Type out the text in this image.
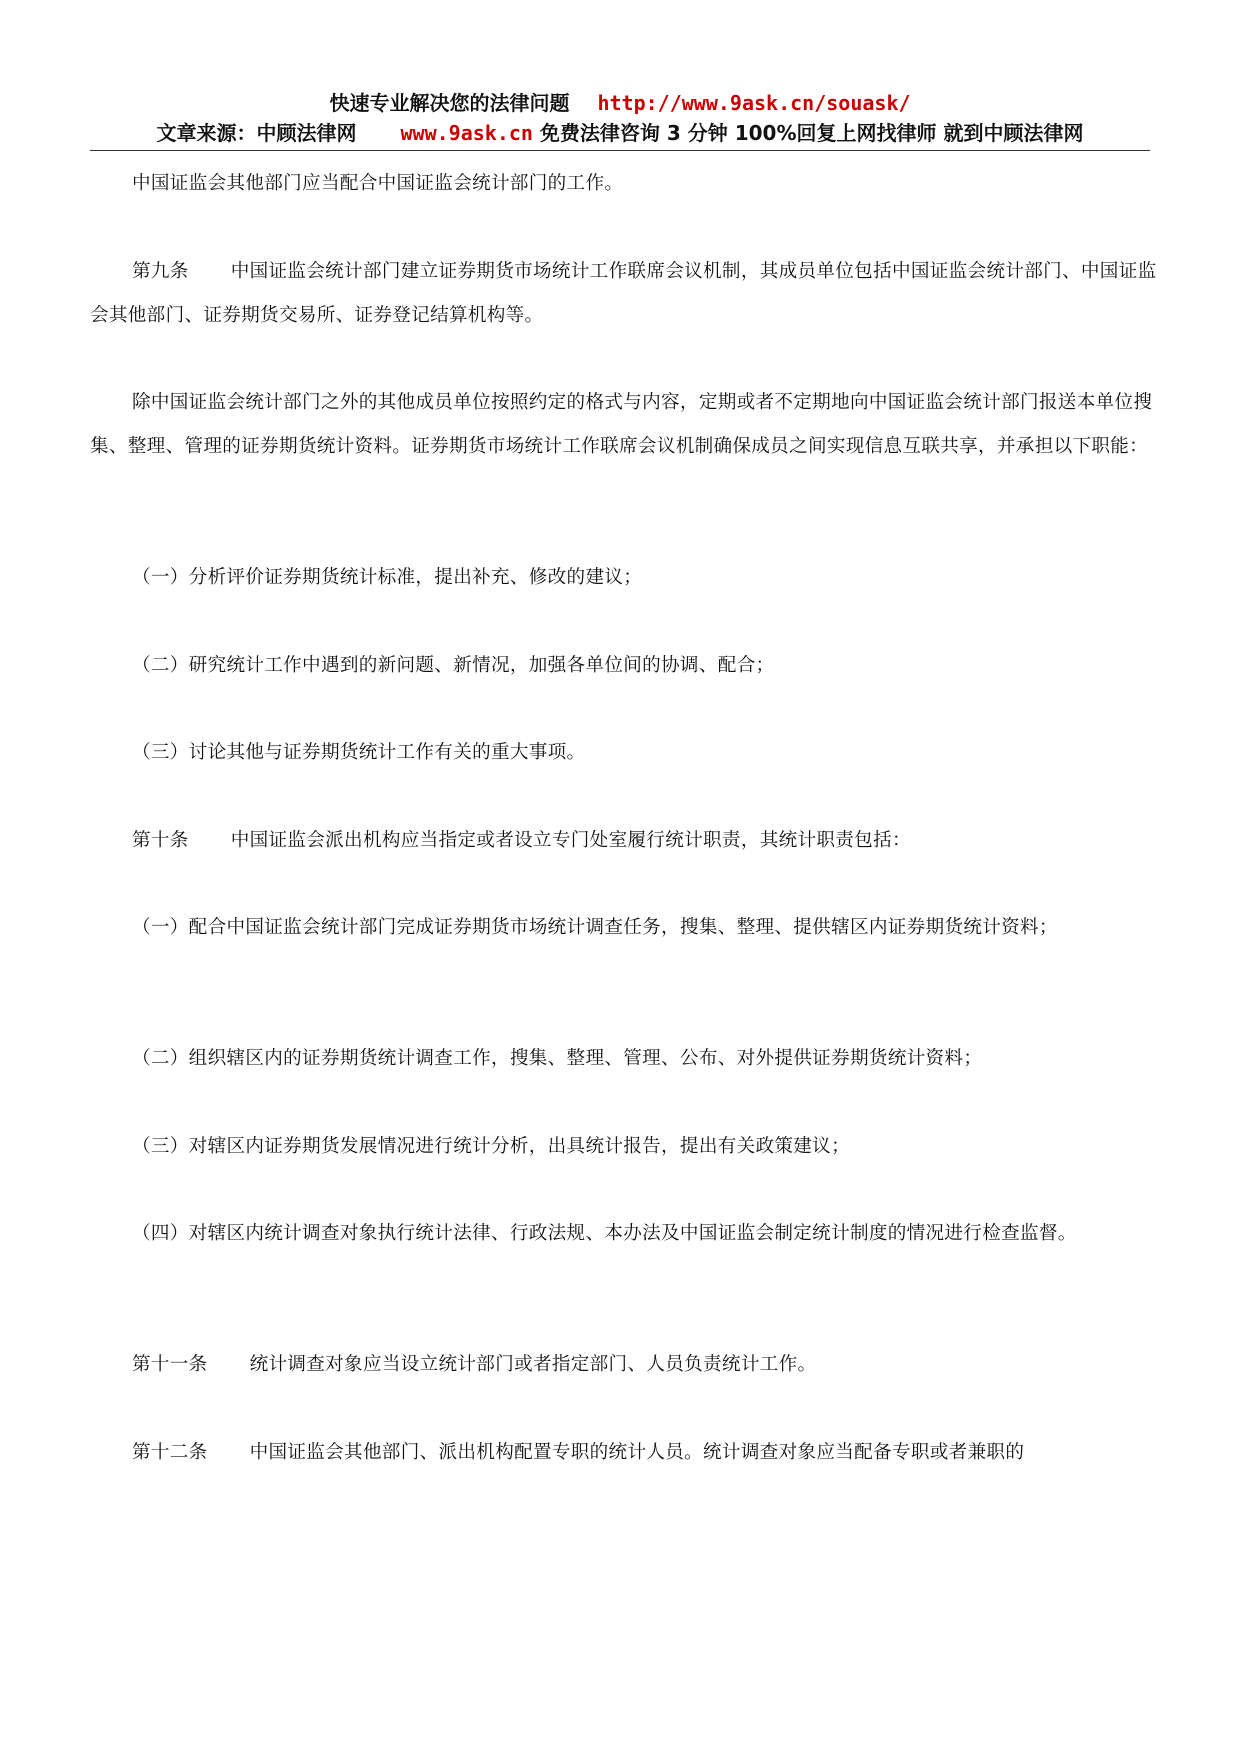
快速专业解决您的法律问题 http://www.9ask.cn/souask/
文章来源：中顾法律网 www.9ask.cn 免费法律咨询 3 分钟 100%回复上网找律师 就到中顾法律网
中国证监会其他部门应当配合中国证监会统计部门的工作。
第九条 中国证监会统计部门建立证券期货市场统计工作联席会议机制，其成员单位包括中国证监会统计部门、中国证监会其他部门、证券期货交易所、证券登记结算机构等。
除中国证监会统计部门之外的其他成员单位按照约定的格式与内容，定期或者不定期地向中国证监会统计部门报送本单位搜集、整理、管理的证券期货统计资料。证券期货市场统计工作联席会议机制确保成员之间实现信息互联共享，并承担以下职能：
（一）分析评价证券期货统计标准，提出补充、修改的建议；
（二）研究统计工作中遇到的新问题、新情况，加强各单位间的协调、配合；
（三）讨论其他与证券期货统计工作有关的重大事项。
第十条 中国证监会派出机构应当指定或者设立专门处室履行统计职责，其统计职责包括：
（一）配合中国证监会统计部门完成证券期货市场统计调查任务，搜集、整理、提供辖区内证券期货统计资料；
（二）组织辖区内的证券期货统计调查工作，搜集、整理、管理、公布、对外提供证券期货统计资料；
（三）对辖区内证券期货发展情况进行统计分析，出具统计报告，提出有关政策建议；
（四）对辖区内统计调查对象执行统计法律、行政法规、本办法及中国证监会制定统计制度的情况进行检查监督。
第十一条 统计调查对象应当设立统计部门或者指定部门、人员负责统计工作。
第十二条 中国证监会其他部门、派出机构配置专职的统计人员。统计调查对象应当配备专职或者兼职的
